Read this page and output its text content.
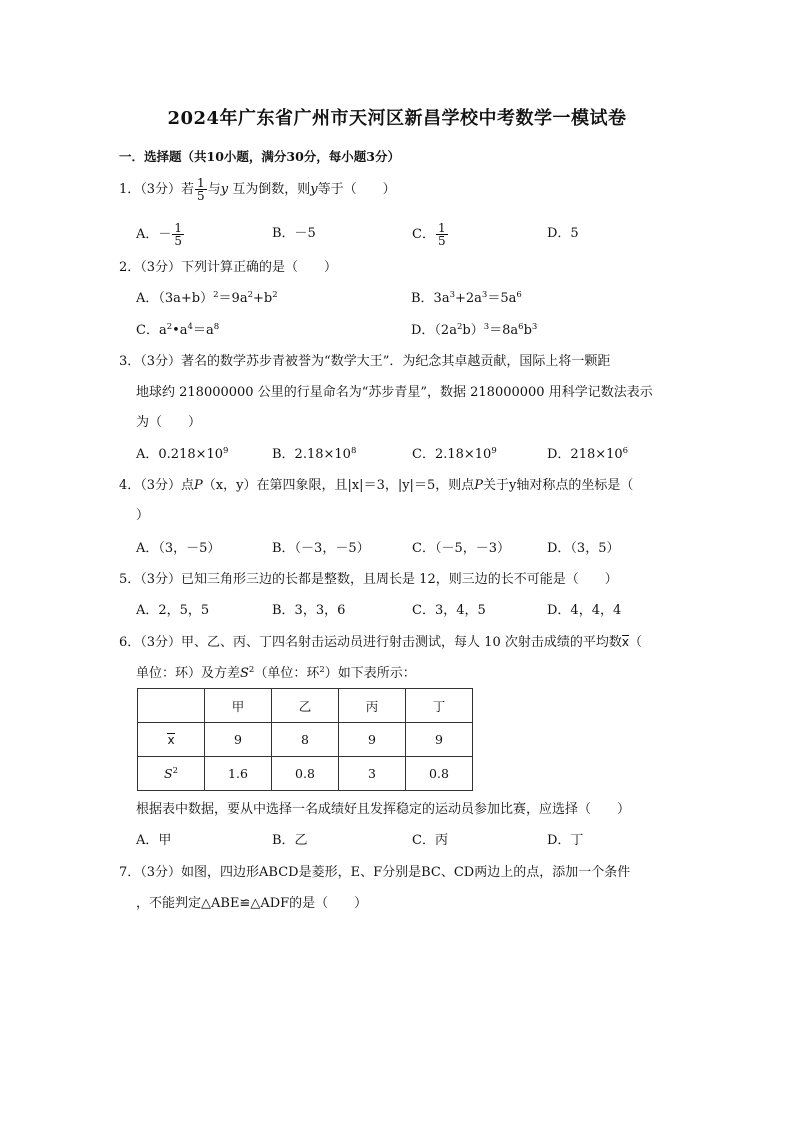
2024年广东省广州市天河区新昌学校中考数学一模试卷
一．选择题（共10小题，满分30分，每小题3分）
1．（3分）若 $\frac{1}{5}$ 与y 互为倒数，则y等于（　　）
A．－ $\frac{1}{5}$	B．－5	C． $\frac{1}{5}$	D．5
2．（3分）下列计算正确的是（　　）
A．$(3a+b)^2=9a^2+b^2$	B．$3a^3+2a^3=5a^6$
C．$a^2•a^4=a^8$	D．$(2a^2b)^3=8a^6b^3$
3．（3分）著名的数学苏步青被誉为“数学大王”．为纪念其卓越贡献，国际上将一颗距
地球约 218000000 公里的行星命名为“苏步青星”，数据 218000000 用科学记数法表示
为（　　）
A．$0.218\times 10^9$	B．$2.18\times 10^8$	C．$2.18\times 10^9$	D．$218\times 10^6$
4．（3分）点P（x，y）在第四象限，且|x|＝3，|y|＝5，则点P关于y轴对称点的坐标是（
）
A．（3，－5）	B．（－3，－5）	C．（－5，－3）	D．（3，5）
5．（3分）已知三角形三边的长都是整数，且周长是 12，则三边的长不可能是（　　）
A．2，5，5	B．3，3，6	C．3，4，5	D．4，4，4
6．（3分）甲、乙、丙、丁四名射击运动员进行射击测试，每人 10 次射击成绩的平均数x（
单位：环）及方差$S^2$（单位：环$^2$）如下表所示：
	甲	乙	丙	丁
x	9	8	9	9
$S^2$	1.6	0.8	3	0.8
根据表中数据，要从中选择一名成绩好且发挥稳定的运动员参加比赛，应选择（　　）
A．甲	B．乙	C．丙	D．丁
7．（3分）如图，四边形ABCD是菱形，E、F分别是BC、CD两边上的点，添加一个条件
，不能判定△ABE≌△ADF的是（　　）
